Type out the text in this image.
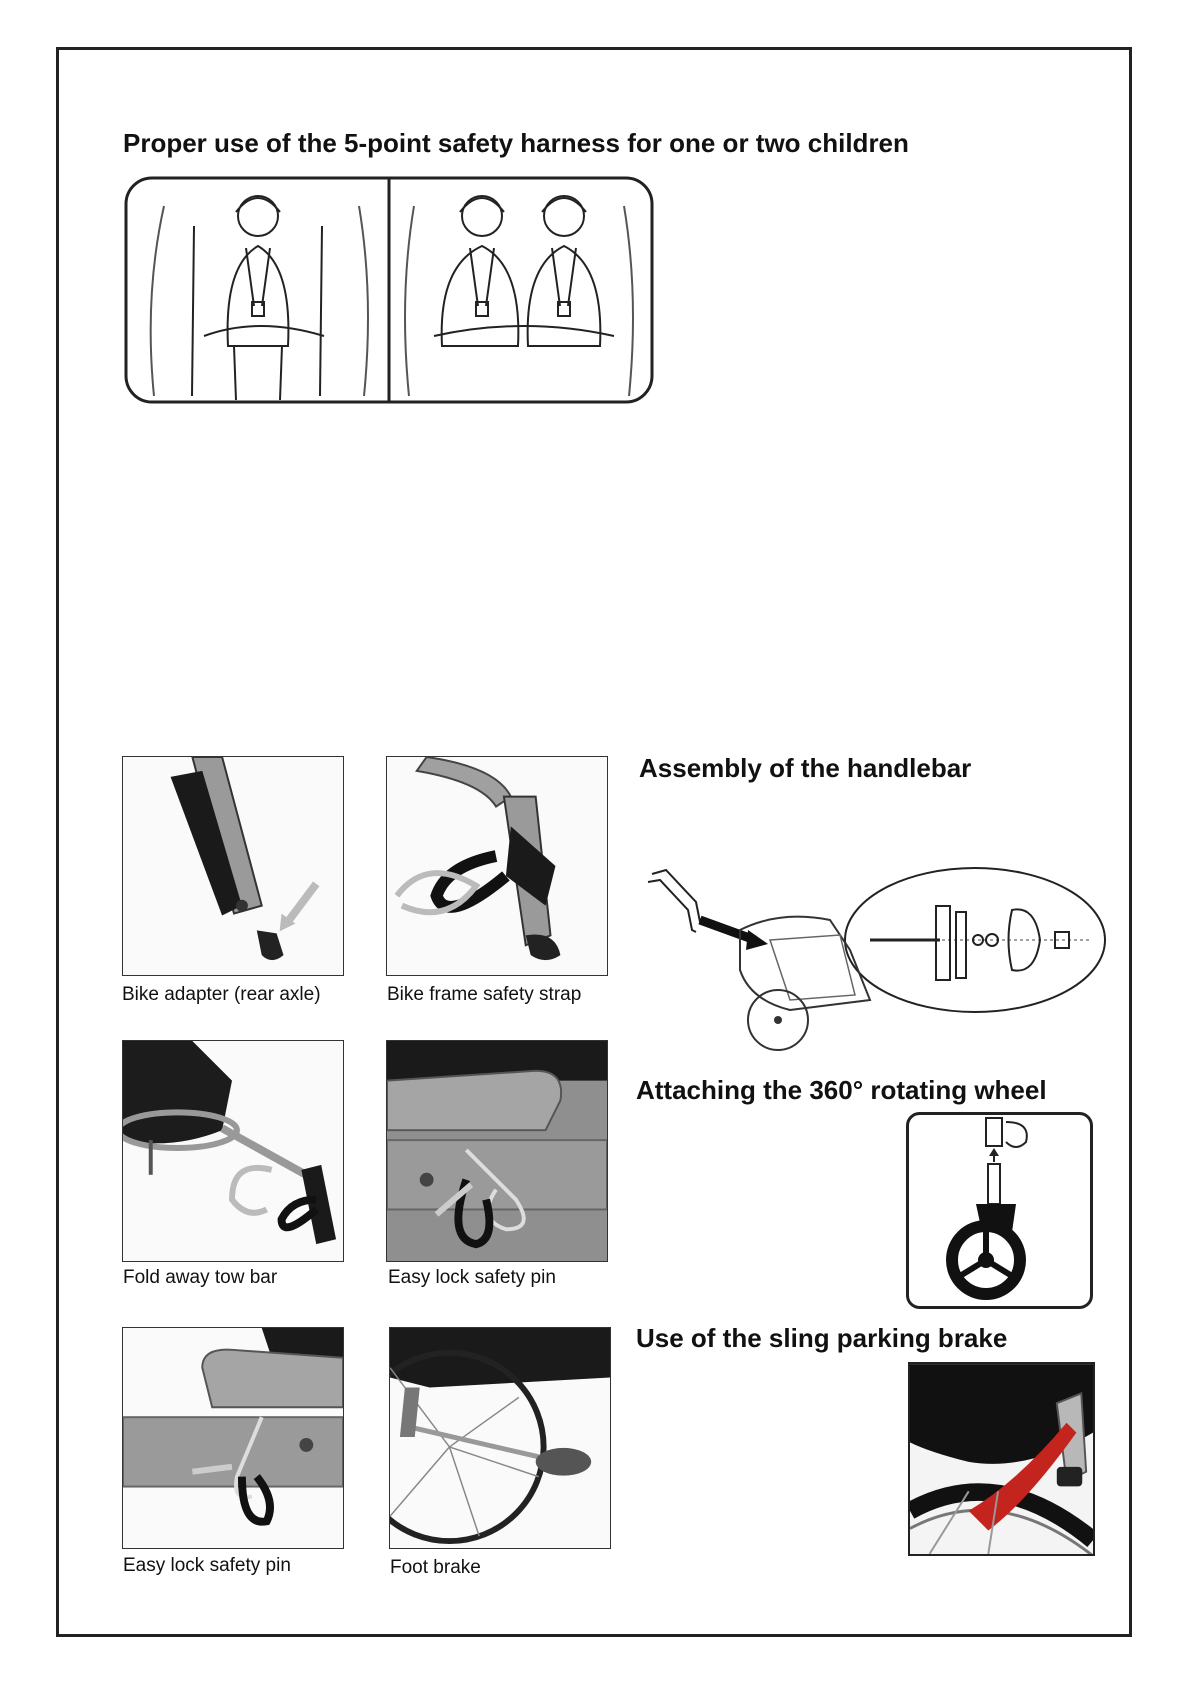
Proper use of the 5-point safety harness for one or two children
Bike adapter (rear axle)	Bike frame safety strap
Fold away tow bar	Easy lock safety pin
Easy lock safety pin	Foot brake
Assembly of the handlebar
Attaching the 360° rotating wheel
Use of the sling parking brake
